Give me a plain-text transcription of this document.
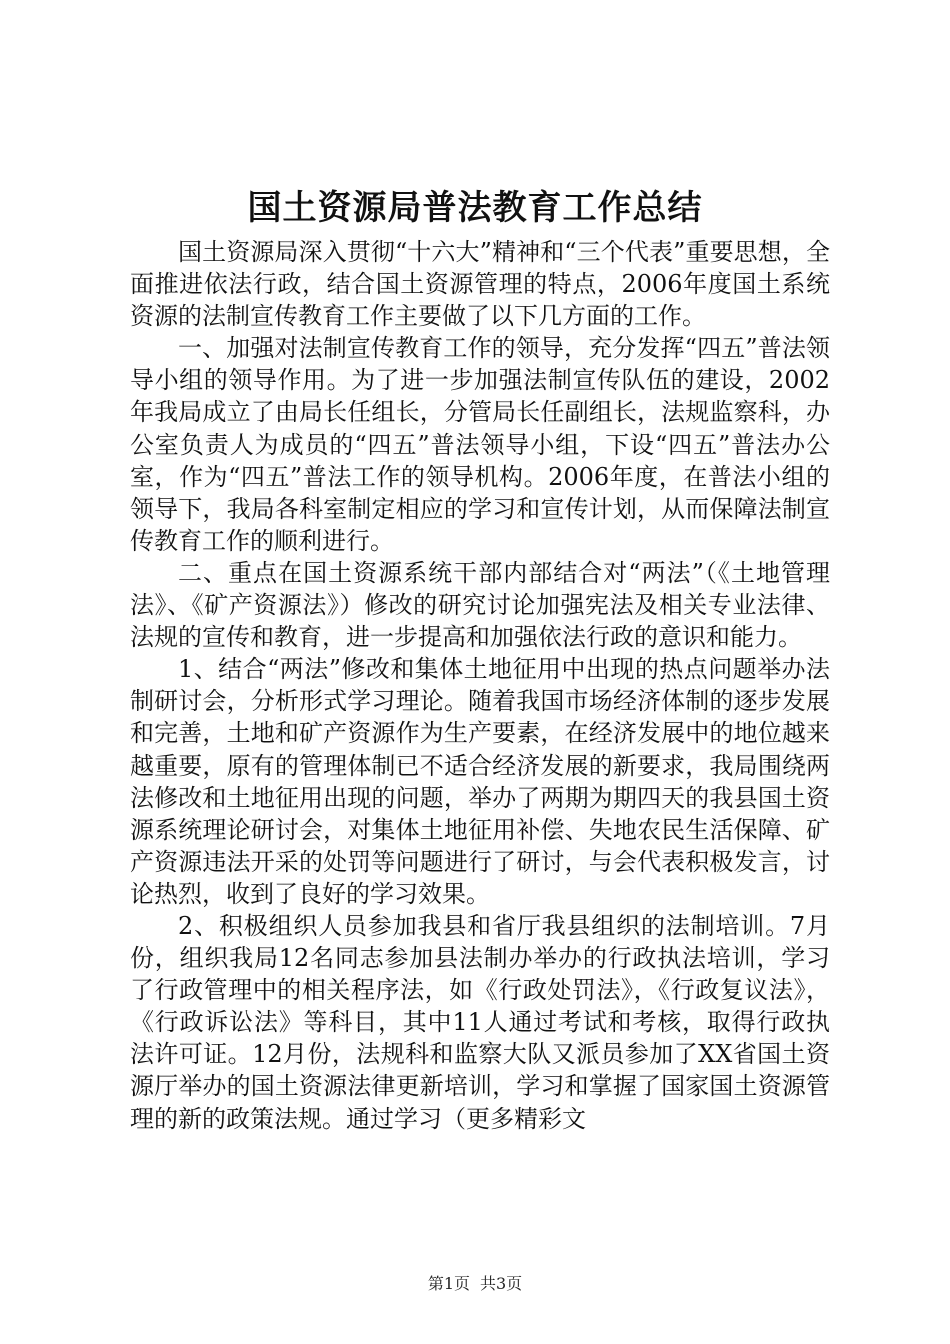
国土资源局普法教育工作总结

国土资源局深入贯彻“十六大”精神和“三个代表”重要思想，全面推进依法行政，结合国土资源管理的特点，2006年度国土系统资源的法制宣传教育工作主要做了以下几方面的工作。

一、加强对法制宣传教育工作的领导，充分发挥“四五”普法领导小组的领导作用。为了进一步加强法制宣传队伍的建设，2002年我局成立了由局长任组长，分管局长任副组长，法规监察科，办公室负责人为成员的“四五”普法领导小组，下设“四五”普法办公室，作为“四五”普法工作的领导机构。2006年度，在普法小组的领导下，我局各科室制定相应的学习和宣传计划，从而保障法制宣传教育工作的顺利进行。

二、重点在国土资源系统干部内部结合对“两法”（《土地管理法》、《矿产资源法》）修改的研究讨论加强宪法及相关专业法律、法规的宣传和教育，进一步提高和加强依法行政的意识和能力。

1、结合“两法”修改和集体土地征用中出现的热点问题举办法制研讨会，分析形式学习理论。随着我国市场经济体制的逐步发展和完善，土地和矿产资源作为生产要素，在经济发展中的地位越来越重要，原有的管理体制已不适合经济发展的新要求，我局围绕两法修改和土地征用出现的问题，举办了两期为期四天的我县国土资源系统理论研讨会，对集体土地征用补偿、失地农民生活保障、矿产资源违法开采的处罚等问题进行了研讨，与会代表积极发言，讨论热烈，收到了良好的学习效果。

2、积极组织人员参加我县和省厅我县组织的法制培训。7月份，组织我局12名同志参加县法制办举办的行政执法培训，学习了行政管理中的相关程序法，如《行政处罚法》，《行政复议法》，《行政诉讼法》等科目，其中11人通过考试和考核，取得行政执法许可证。12月份，法规科和监察大队又派员参加了XX省国土资源厅举办的国土资源法律更新培训，学习和掌握了国家国土资源管理的新的政策法规。通过学习（更多精彩文

第1页 共3页
